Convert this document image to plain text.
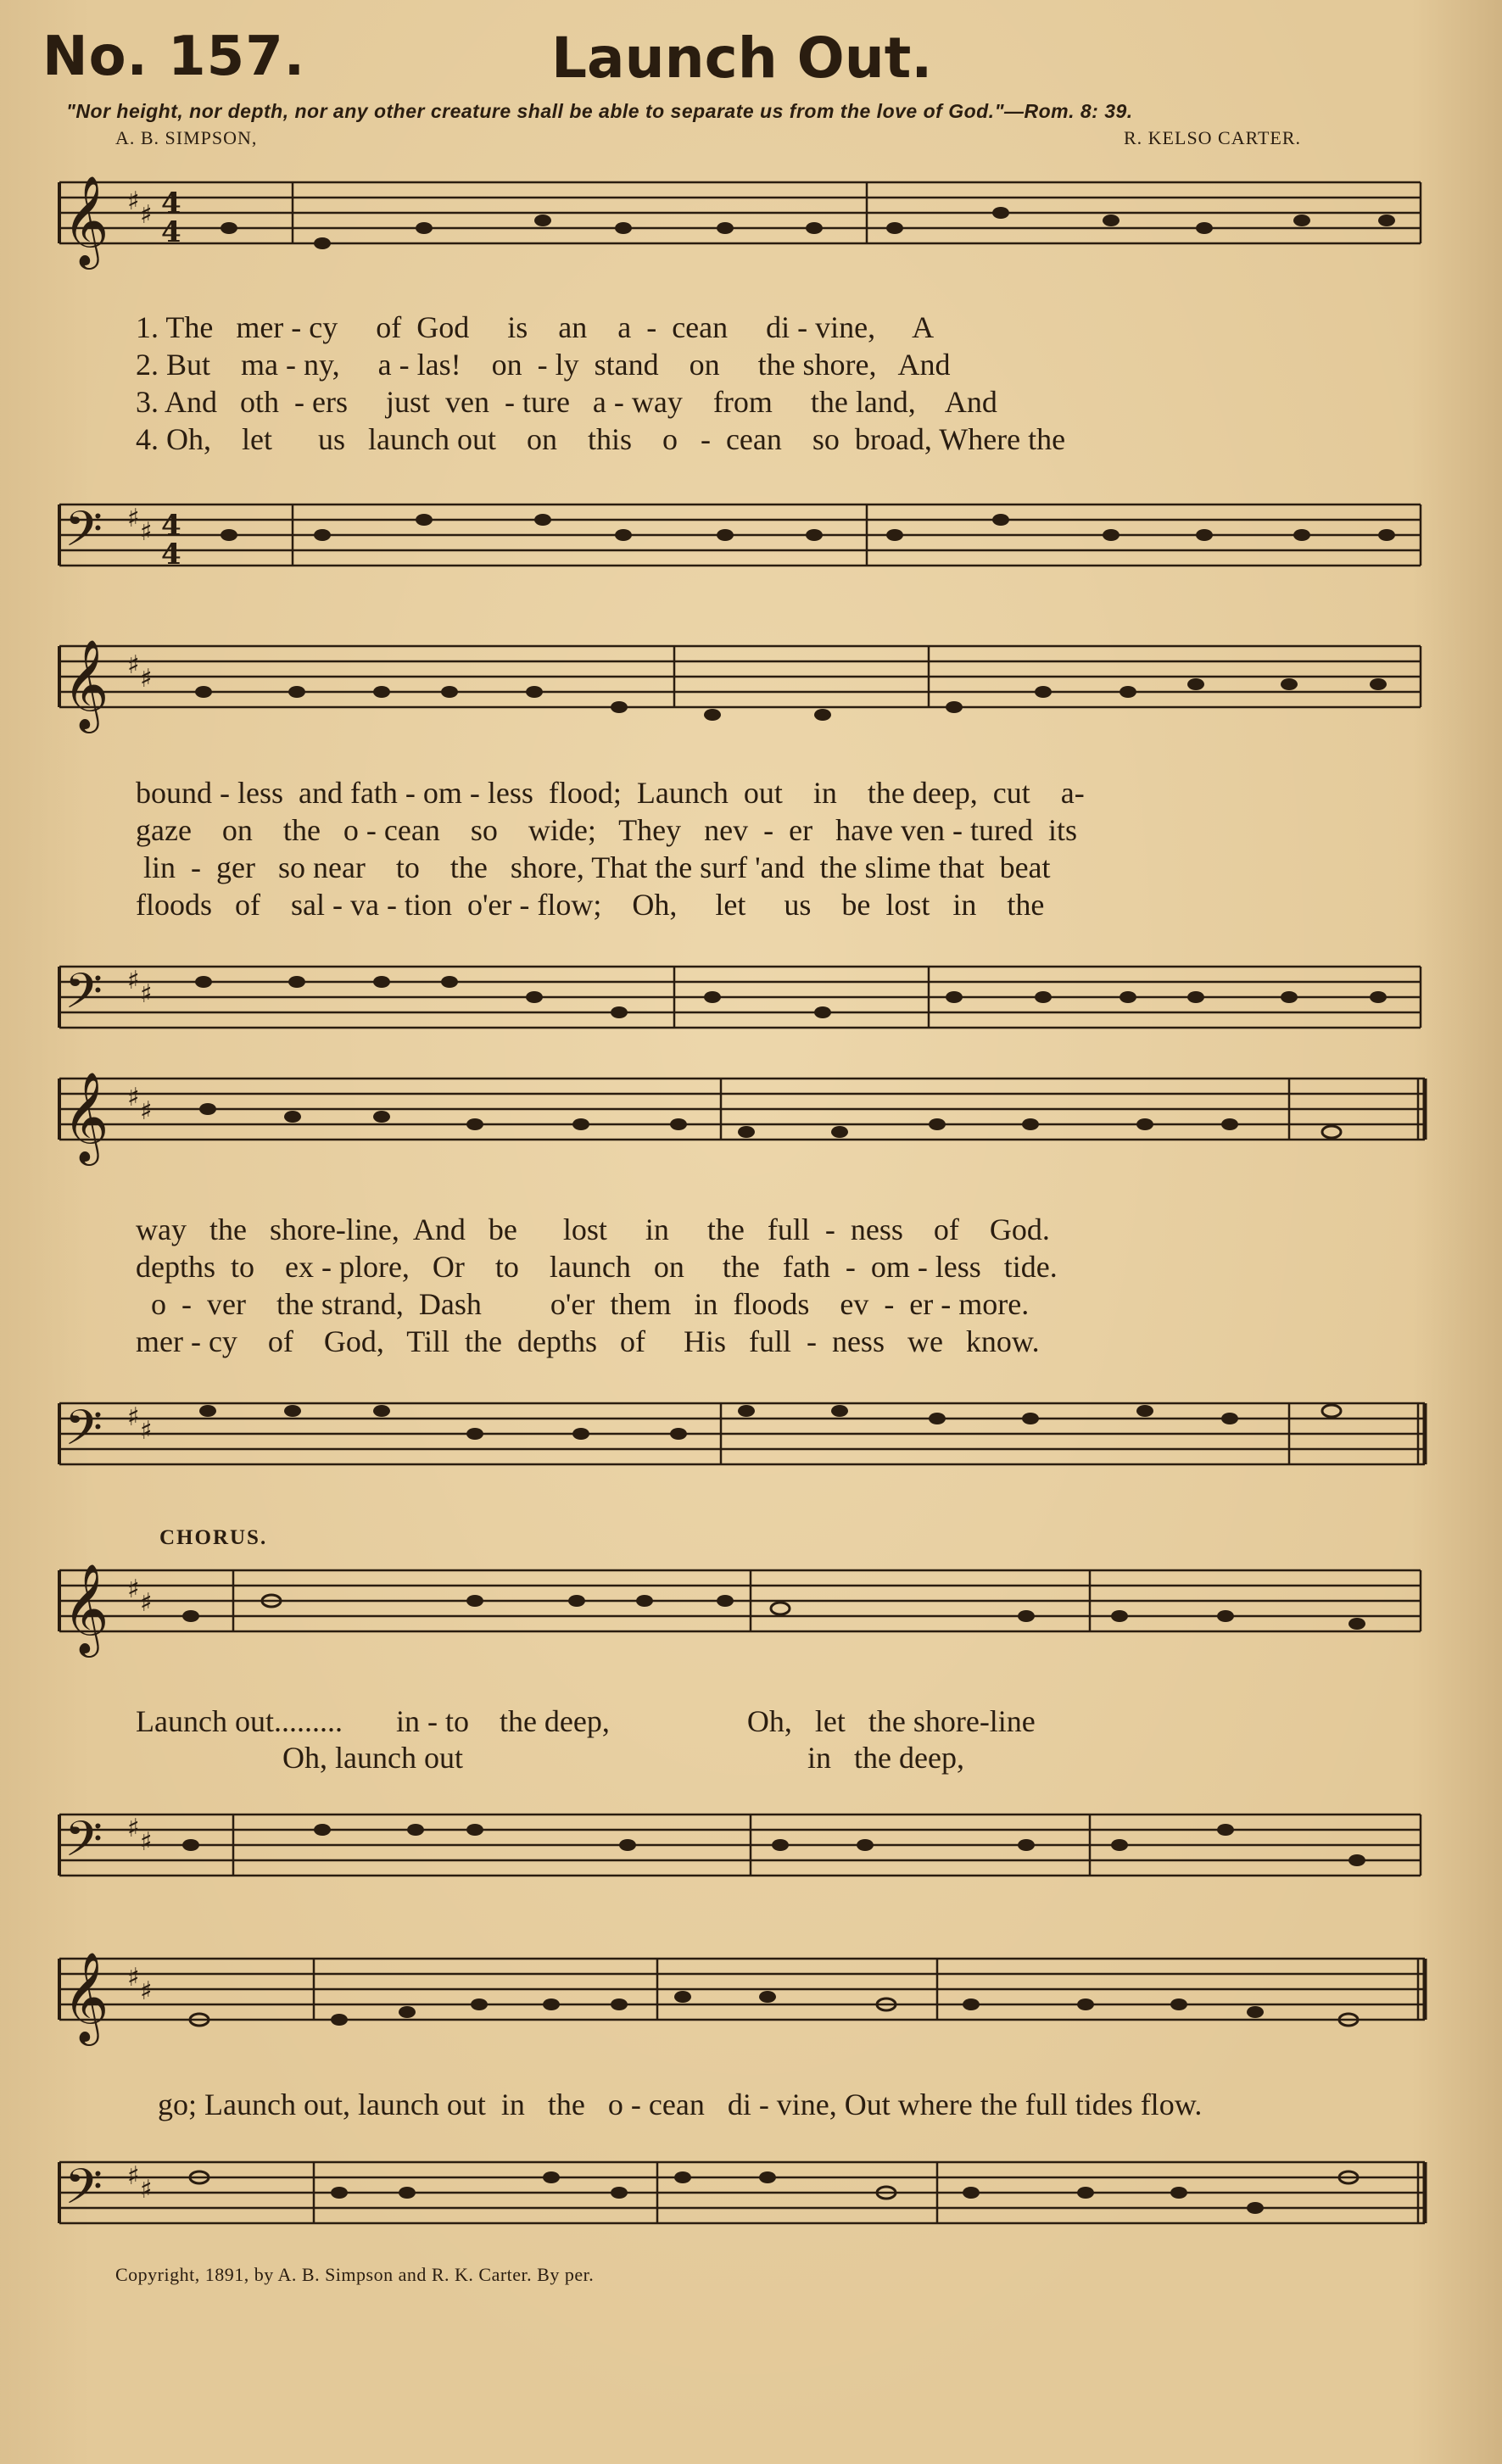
No. 157.	Launch Out.
"Nor height, nor depth, nor any other creature shall be able to separate us from the love of God."—Rom. 8: 39.
A. B. SIMPSON,	R. KELSO CARTER.
𝄞 ♯ ♯ 4
4
1. The   mer - cy     of  God     is    an    a  -  cean     di - vine,     A
2. But    ma - ny,     a - las!    on  - ly  stand    on     the shore,   And
3. And   oth  - ers     just  ven  - ture   a - way    from     the land,    And
4. Oh,    let      us   launch out    on    this    o   -  cean    so  broad, Where the
𝄢 ♯ ♯ 4
4
𝄞 ♯ ♯
bound - less  and fath - om - less  flood;  Launch  out    in    the deep,  cut    a-
gaze    on    the   o - cean    so    wide;   They   nev  -  er   have ven - tured  its
lin  -  ger   so near    to    the   shore, That the surf 'and  the slime that  beat
floods   of    sal - va - tion  o'er - flow;    Oh,     let     us    be  lost   in    the
𝄢 ♯ ♯
𝄞 ♯ ♯
way   the   shore-line,  And   be      lost     in     the   full  -  ness    of    God.
depths  to    ex - plore,   Or    to    launch   on     the   fath  -  om - less   tide.
o  -  ver    the strand,  Dash         o'er  them   in  floods    ev  -  er - more.
mer - cy    of    God,   Till  the  depths   of     His   full  -  ness   we   know.
𝄢 ♯ ♯
CHORUS.
𝄞 ♯ ♯
Launch out.........       in - to    the deep,                  Oh,   let   the shore-line
Oh, launch out	in   the deep,
𝄢 ♯ ♯
𝄞 ♯ ♯
go; Launch out, launch out  in   the   o - cean   di - vine, Out where the full tides flow.
𝄢 ♯ ♯
Copyright, 1891, by A. B. Simpson and R. K. Carter. By per.
